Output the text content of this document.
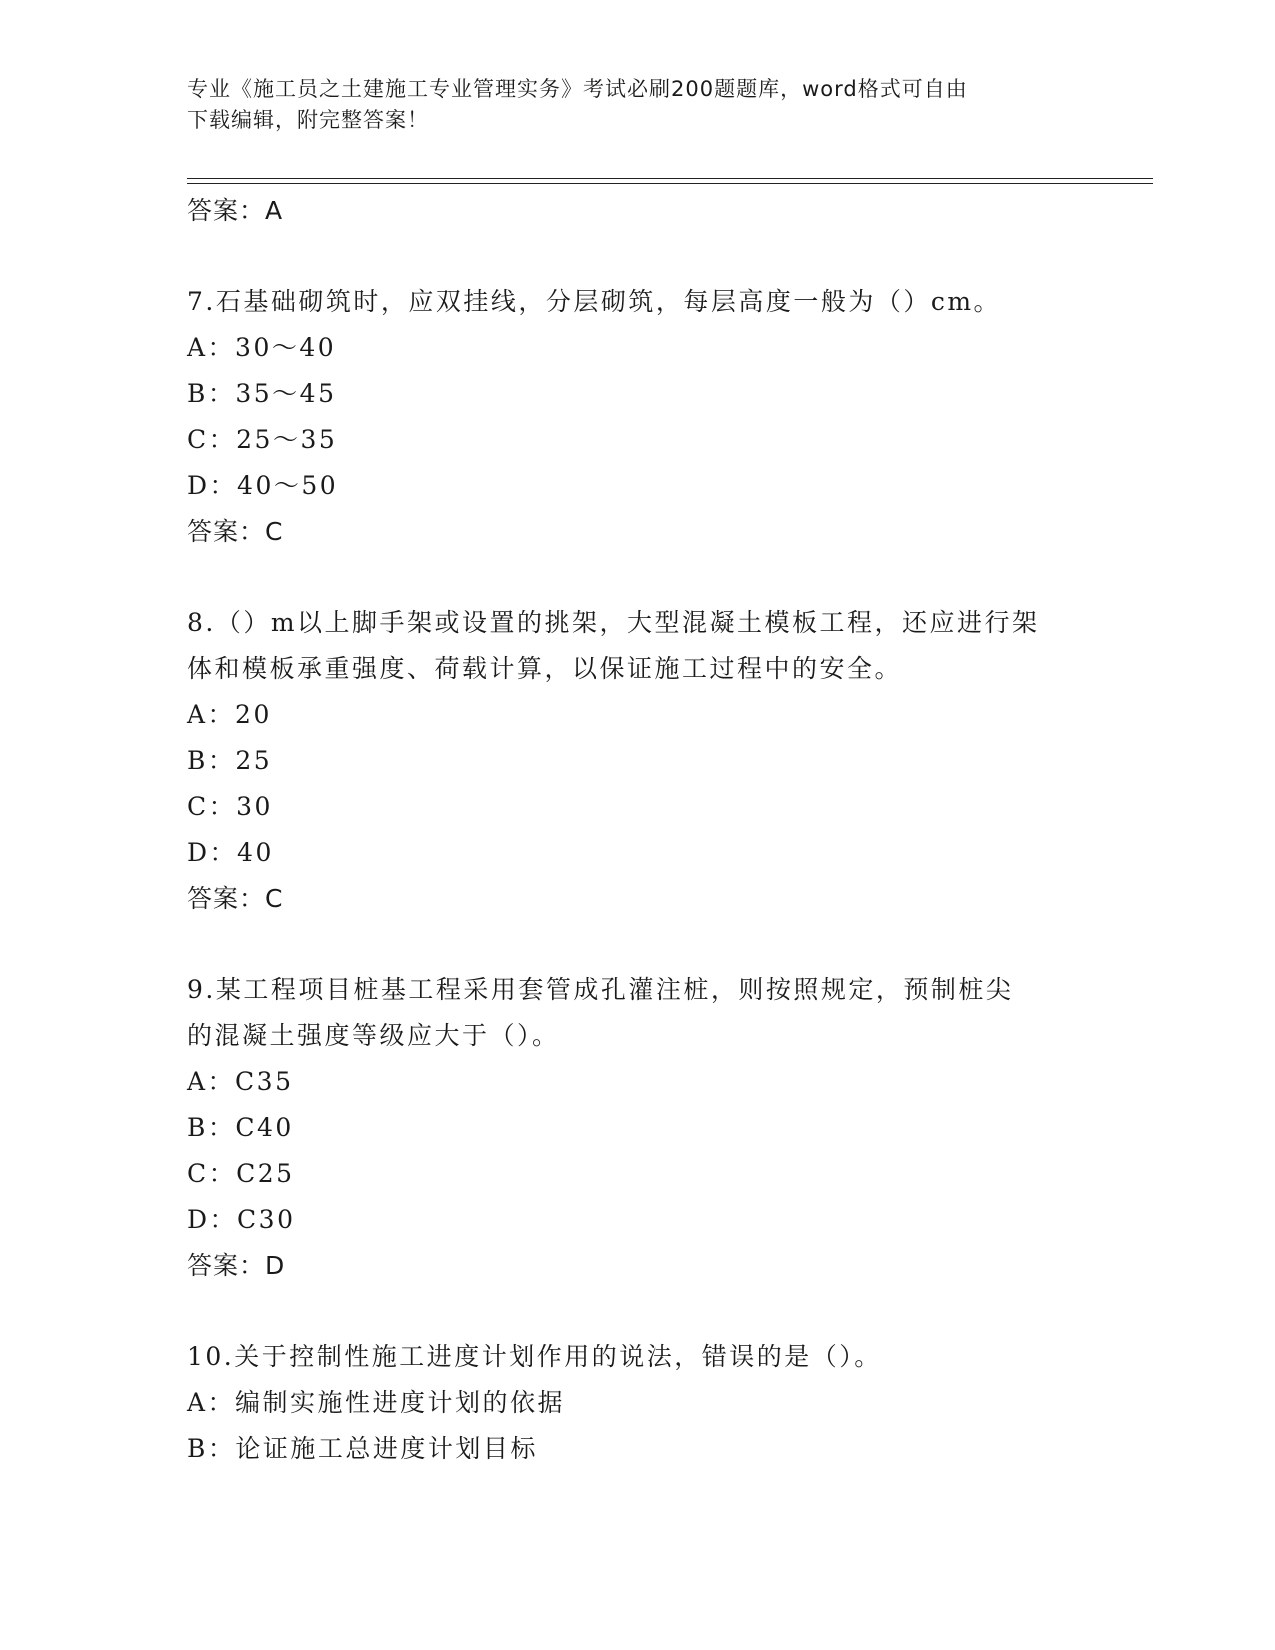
专业《施工员之土建施工专业管理实务》考试必刷200题题库，word格式可自由
下载编辑，附完整答案！
答案：A
7.石基础砌筑时，应双挂线，分层砌筑，每层高度一般为（）cm。
A：30～40
B：35～45
C：25～35
D：40～50
答案：C
8.（）m以上脚手架或设置的挑架，大型混凝土模板工程，还应进行架
体和模板承重强度、荷载计算，以保证施工过程中的安全。
A：20
B：25
C：30
D：40
答案：C
9.某工程项目桩基工程采用套管成孔灌注桩，则按照规定，预制桩尖
的混凝土强度等级应大于（）。
A：C35
B：C40
C：C25
D：C30
答案：D
10.关于控制性施工进度计划作用的说法，错误的是（）。
A：编制实施性进度计划的依据
B：论证施工总进度计划目标
